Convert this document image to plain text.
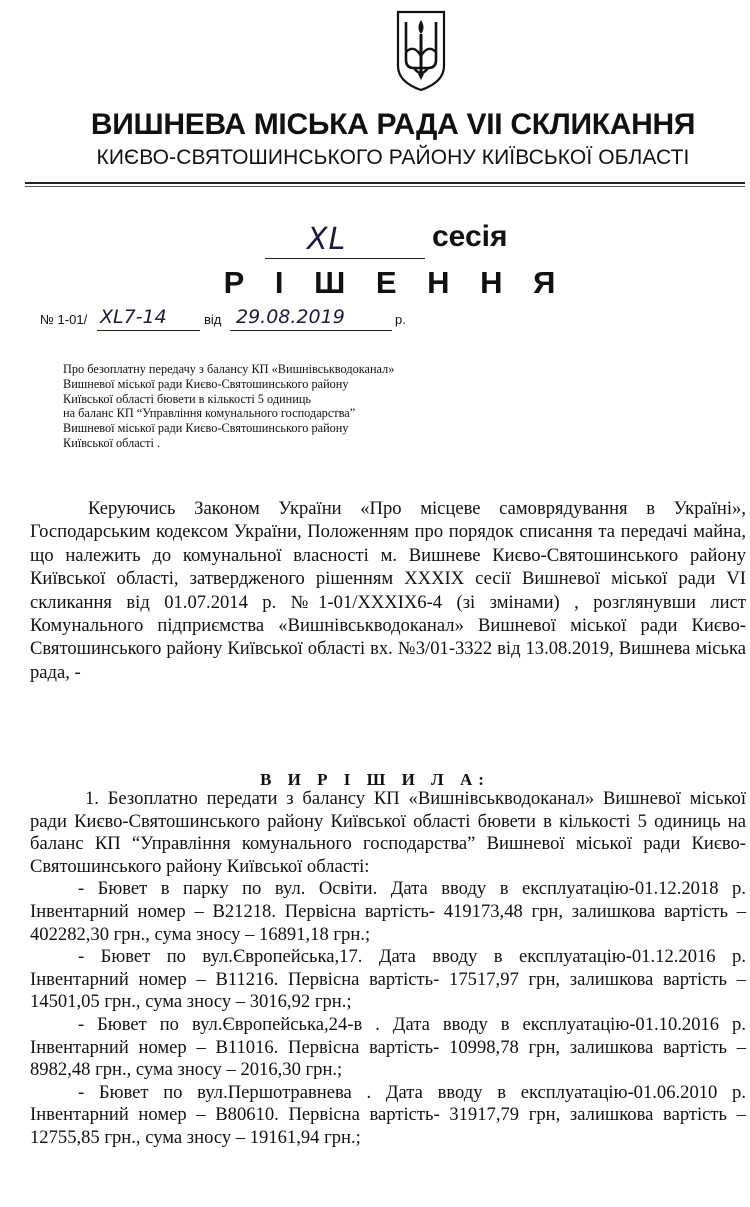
ВИШНЕВА МІСЬКА РАДА VII СКЛИКАННЯ
КИЄВО-СВЯТОШИНСЬКОГО РАЙОНУ КИЇВСЬКОЇ ОБЛАСТІ
XL	сесія
Р І Ш Е Н Н Я
№ 1-01/ XL7-14	від 29.08.2019	р.
Про безоплатну передачу з балансу КП «Вишнівськводоканал»
Вишневої міської ради Києво-Святошинського району
Київської області бювети в кількості 5 одиниць
на баланс КП “Управління комунального господарства”
Вишневої міської ради Києво-Святошинського району
Київської області .

Керуючись Законом України «Про місцеве самоврядування в Україні», Господарським кодексом України, Положенням про порядок списання та передачі майна, що належить до комунальної власності м. Вишневе Києво-Святошинського району Київської області, затвердженого рішенням XXXIX сесії Вишневої міської ради VI скликання від 01.07.2014 р. №1-01/XXXIX6-4 (зі змінами) , розглянувши лист Комунального підприємства «Вишнівськводоканал» Вишневої міської ради Києво-Святошинського району Київської області вх. №3/01-3322 від 13.08.2019, Вишнева міська рада, -

В И Р І Ш И Л А:

1. Безоплатно передати з балансу КП «Вишнівськводоканал» Вишневої міської ради Києво-Святошинського району Київської області бювети в кількості 5 одиниць на баланс КП “Управління комунального господарства” Вишневої міської ради Києво-Святошинського району Київської області:

- Бювет в парку по вул. Освіти. Дата вводу в експлуатацію-01.12.2018 р. Інвентарний номер – В21218. Первісна вартість- 419173,48 грн, залишкова вартість – 402282,30 грн., сума зносу – 16891,18 грн.;

- Бювет по вул.Європейська,17. Дата вводу в експлуатацію-01.12.2016 р. Інвентарний номер – В11216. Первісна вартість- 17517,97 грн, залишкова вартість – 14501,05 грн., сума зносу – 3016,92 грн.;

- Бювет по вул.Європейська,24-в . Дата вводу в експлуатацію-01.10.2016 р. Інвентарний номер – В11016. Первісна вартість- 10998,78 грн, залишкова вартість – 8982,48 грн., сума зносу – 2016,30 грн.;

- Бювет по вул.Першотравнева . Дата вводу в експлуатацію-01.06.2010 р. Інвентарний номер – В80610. Первісна вартість- 31917,79 грн, залишкова вартість – 12755,85 грн., сума зносу – 19161,94 грн.;
